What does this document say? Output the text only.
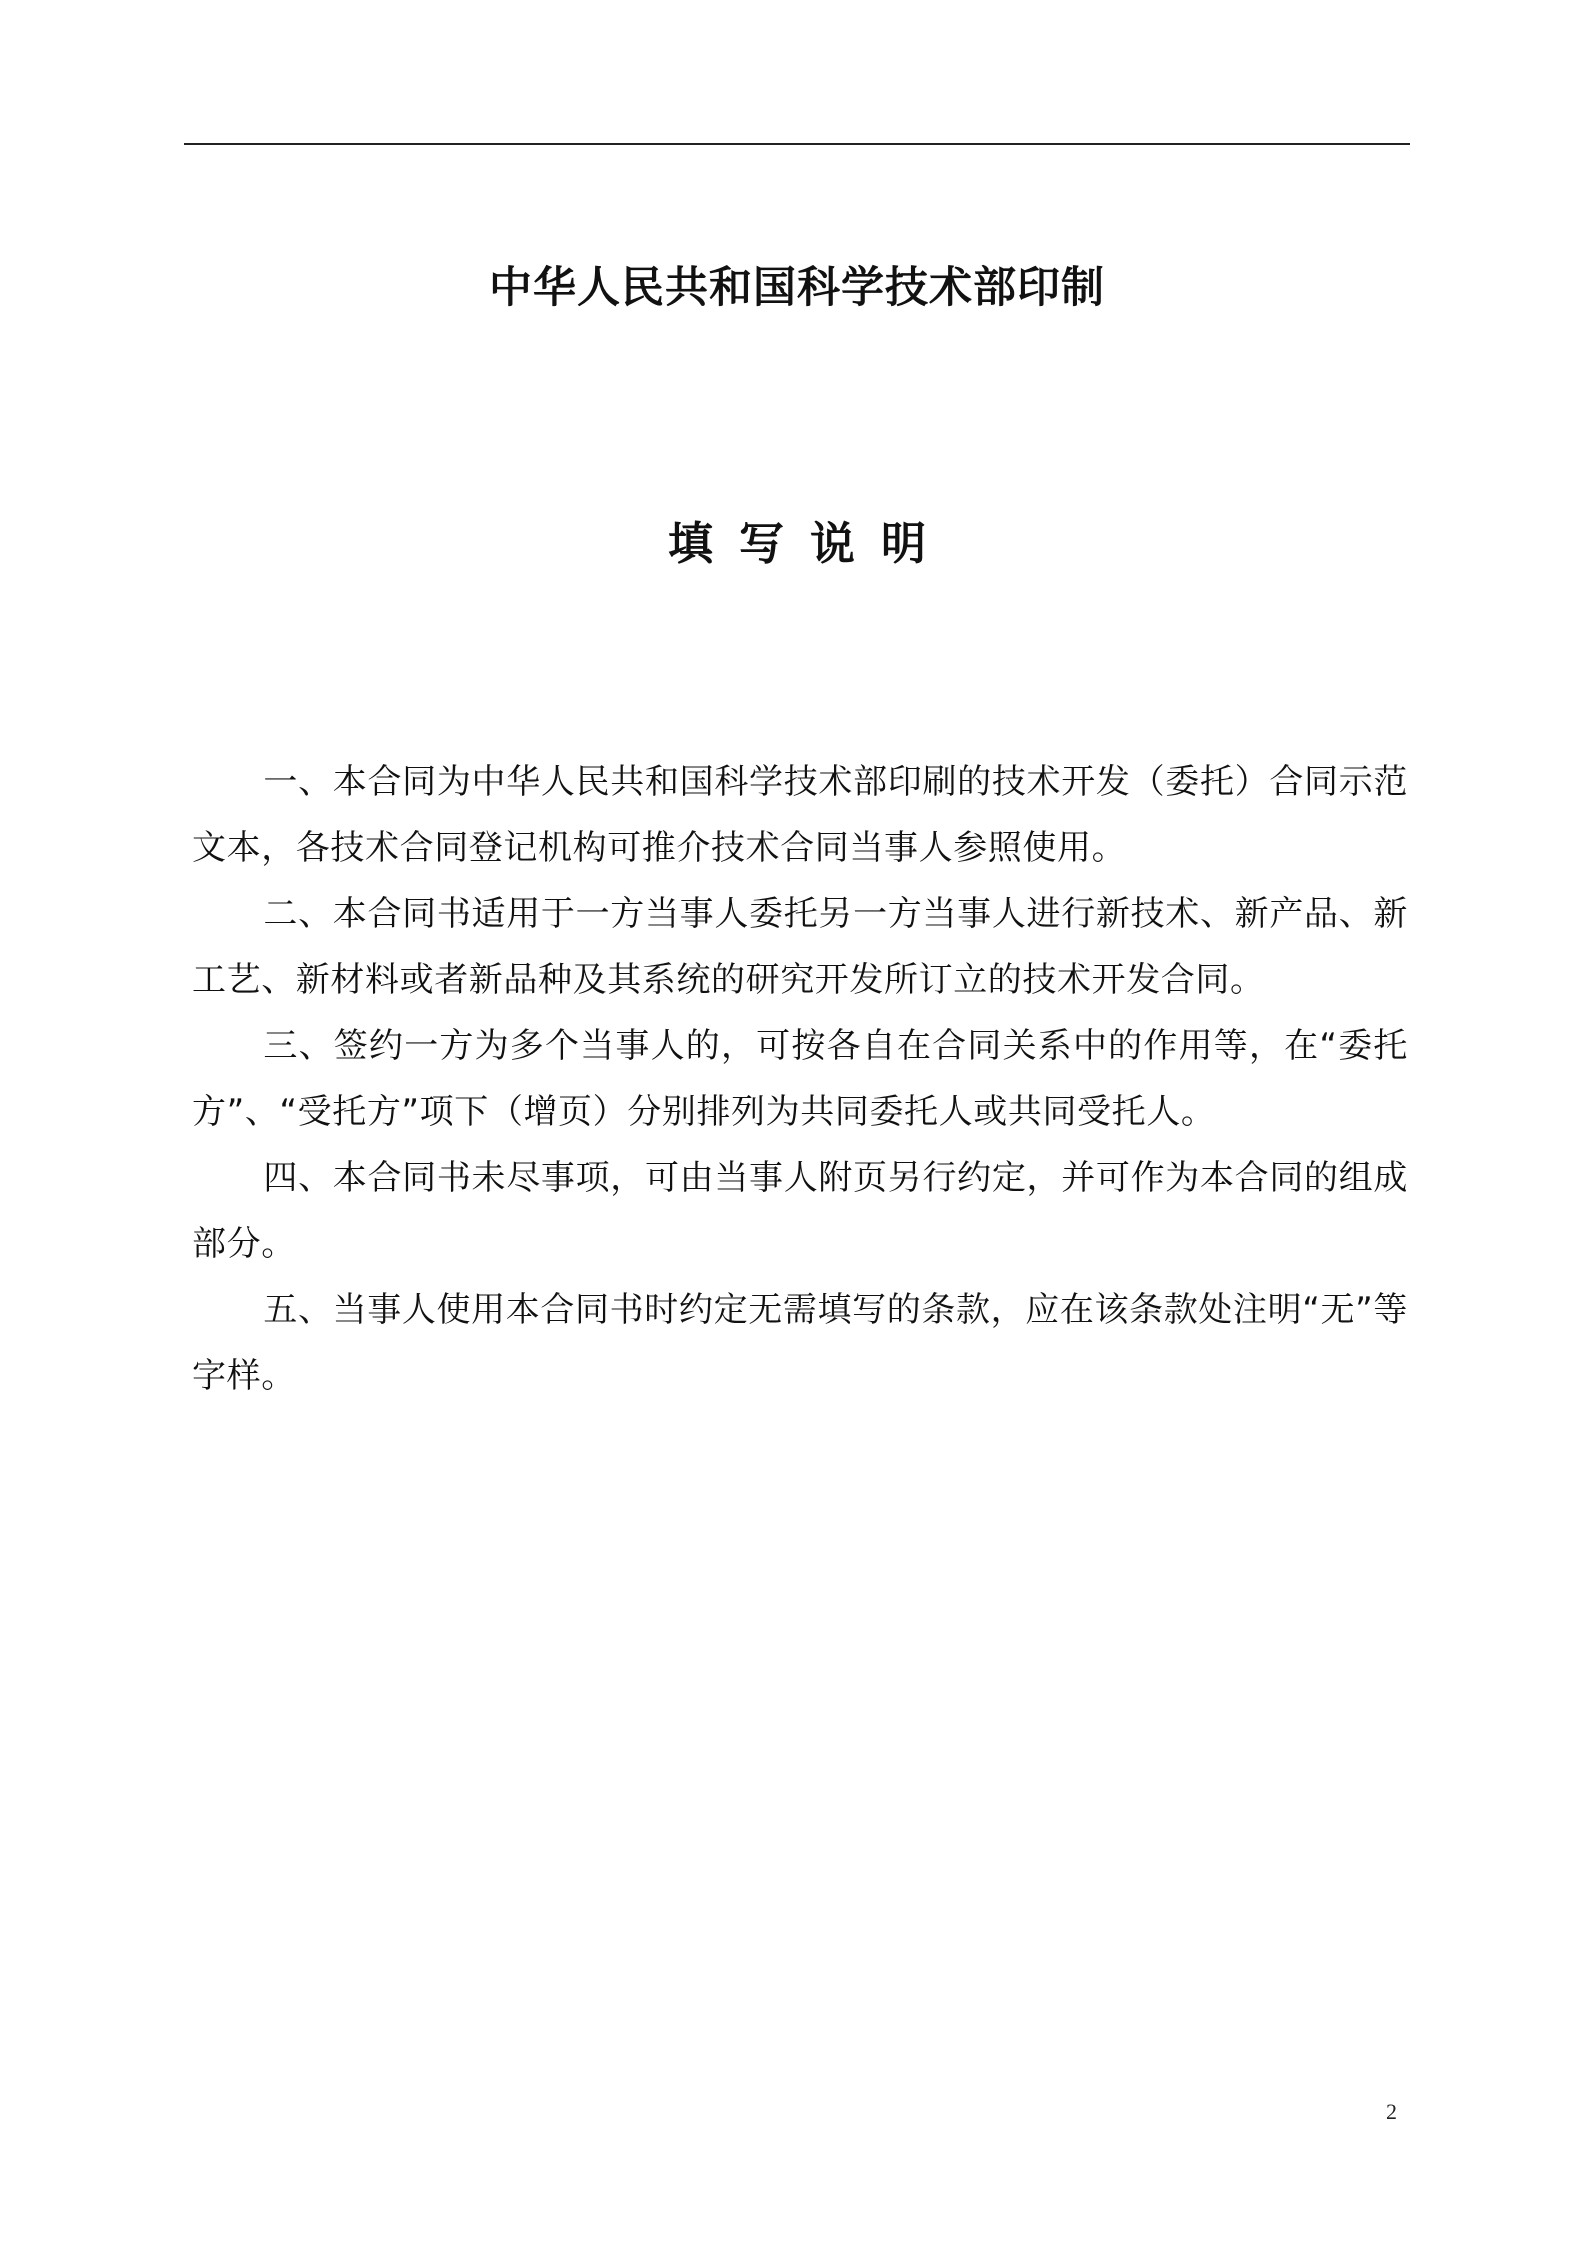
中华人民共和国科学技术部印制
填写说明

一、本合同为中华人民共和国科学技术部印刷的技术开发（委托）合同示范文本，各技术合同登记机构可推介技术合同当事人参照使用。

二、本合同书适用于一方当事人委托另一方当事人进行新技术、新产品、新工艺、新材料或者新品种及其系统的研究开发所订立的技术开发合同。

三、签约一方为多个当事人的，可按各自在合同关系中的作用等，在“委托方”、“受托方”项下（增页）分别排列为共同委托人或共同受托人。

四、本合同书未尽事项，可由当事人附页另行约定，并可作为本合同的组成部分。

五、当事人使用本合同书时约定无需填写的条款，应在该条款处注明“无”等字样。

2
